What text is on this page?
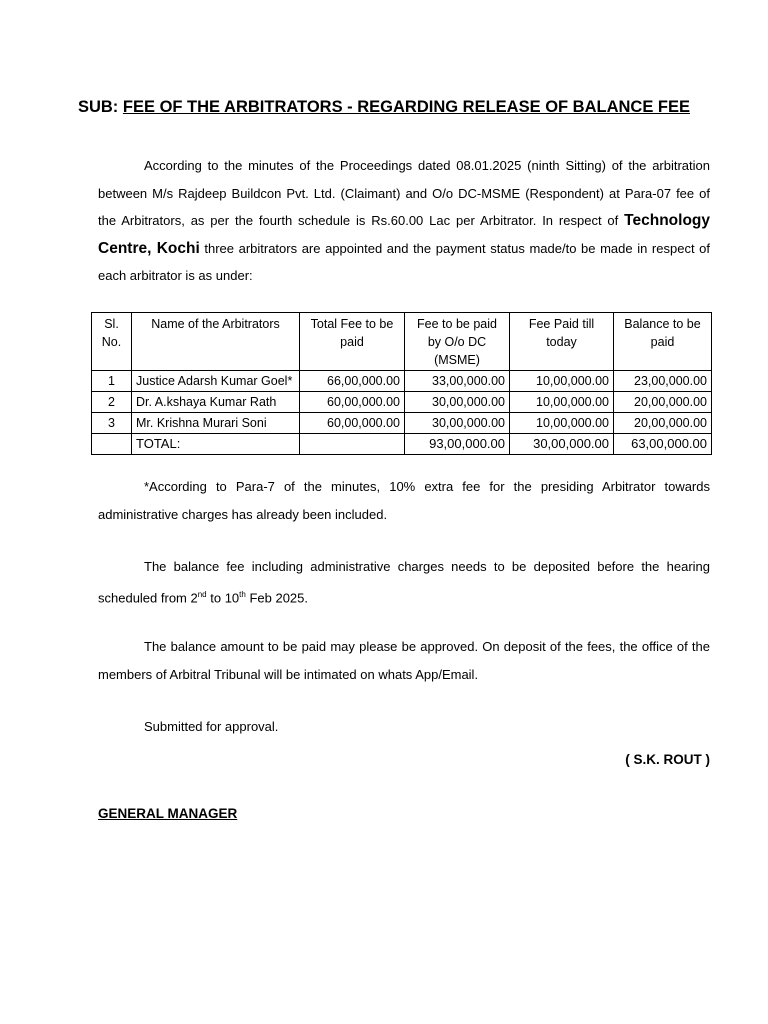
SUB: FEE OF THE ARBITRATORS - REGARDING RELEASE OF BALANCE FEE

According to the minutes of the Proceedings dated 08.01.2025 (ninth Sitting) of the arbitration between M/s Rajdeep Buildcon Pvt. Ltd. (Claimant) and O/o DC-MSME (Respondent) at Para-07 fee of the Arbitrators, as per the fourth schedule is Rs.60.00 Lac per Arbitrator. In respect of Technology Centre, Kochi three arbitrators are appointed and the payment status made/to be made in respect of each arbitrator is as under:

Sl. No.	Name of the Arbitrators	Total Fee to be paid	Fee to be paid by O/o DC (MSME)	Fee Paid till today	Balance to be paid
1	Justice Adarsh Kumar Goel*	66,00,000.00	33,00,000.00	10,00,000.00	23,00,000.00
2	Dr. A.kshaya Kumar Rath	60,00,000.00	30,00,000.00	10,00,000.00	20,00,000.00
3	Mr. Krishna Murari Soni	60,00,000.00	30,00,000.00	10,00,000.00	20,00,000.00
	TOTAL:		93,00,000.00	30,00,000.00	63,00,000.00

*According to Para-7 of the minutes, 10% extra fee for the presiding Arbitrator towards administrative charges has already been included.

The balance fee including administrative charges needs to be deposited before the hearing scheduled from 2nd to 10th Feb 2025.

The balance amount to be paid may please be approved. On deposit of the fees, the office of the members of Arbitral Tribunal will be intimated on whats App/Email.

Submitted for approval.

( S.K. ROUT )
GENERAL MANAGER
